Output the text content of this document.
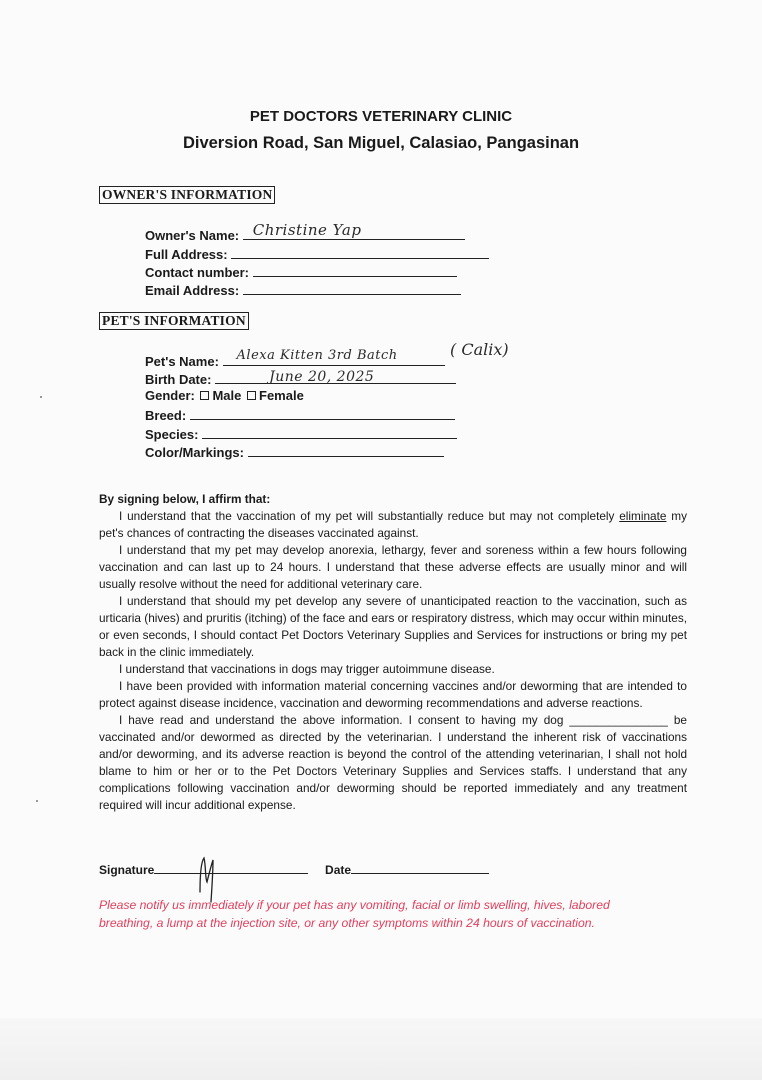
PET DOCTORS VETERINARY CLINIC
Diversion Road, San Miguel, Calasiao, Pangasinan
OWNER'S INFORMATION
Owner's Name: Christine Yap
Full Address:
Contact number:
Email Address:
PET'S INFORMATION
Pet's Name: Alexa Kitten 3rd Batch	( Calix)
Birth Date:	June 20, 2025
Gender: Male Female
Breed:
Species:
Color/Markings:

By signing below, I affirm that:

I understand that the vaccination of my pet will substantially reduce but may not completely eliminate my pet's chances of contracting the diseases vaccinated against.

I understand that my pet may develop anorexia, lethargy, fever and soreness within a few hours following vaccination and can last up to 24 hours. I understand that these adverse effects are usually minor and will usually resolve without the need for additional veterinary care.

I understand that should my pet develop any severe of unanticipated reaction to the vaccination, such as urticaria (hives) and pruritis (itching) of the face and ears or respiratory distress, which may occur within minutes, or even seconds, I should contact Pet Doctors Veterinary Supplies and Services for instructions or bring my pet back in the clinic immediately.

I understand that vaccinations in dogs may trigger autoimmune disease.

I have been provided with information material concerning vaccines and/or deworming that are intended to protect against disease incidence, vaccination and deworming recommendations and adverse reactions.

I have read and understand the above information. I consent to having my dog _______________ be vaccinated and/or dewormed as directed by the veterinarian. I understand the inherent risk of vaccinations and/or deworming, and its adverse reaction is beyond the control of the attending veterinarian, I shall not hold blame to him or her or to the Pet Doctors Veterinary Supplies and Services staffs. I understand that any complications following vaccination and/or deworming should be reported immediately and any treatment required will incur additional expense.

Signature	Date
Please notify us immediately if your pet has any vomiting, facial or limb swelling, hives, labored breathing, a lump at the injection site, or any other symptoms within 24 hours of vaccination.
